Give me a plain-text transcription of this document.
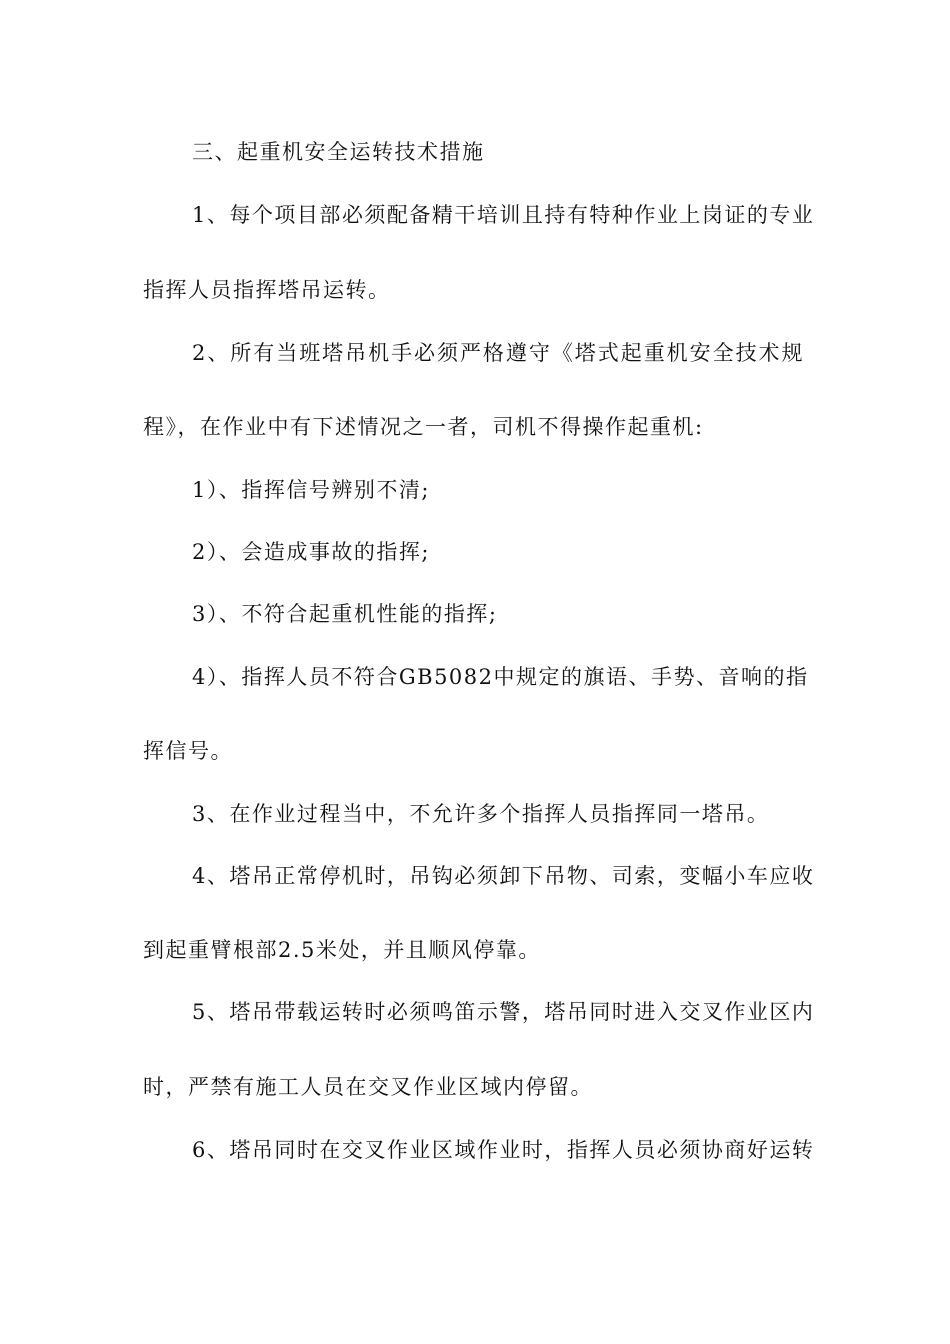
三、起重机安全运转技术措施
1、每个项目部必须配备精干培训且持有特种作业上岗证的专业
指挥人员指挥塔吊运转。
2、所有当班塔吊机手必须严格遵守《塔式起重机安全技术规
程》，在作业中有下述情况之一者，司机不得操作起重机:
1）、指挥信号辨别不清;
2）、会造成事故的指挥;
3）、不符合起重机性能的指挥;
4）、指挥人员不符合GB5082中规定的旗语、手势、音响的指
挥信号。
3、在作业过程当中，不允许多个指挥人员指挥同一塔吊。
4、塔吊正常停机时，吊钩必须卸下吊物、司索，变幅小车应收
到起重臂根部2.5米处，并且顺风停靠。
5、塔吊带载运转时必须鸣笛示警，塔吊同时进入交叉作业区内
时，严禁有施工人员在交叉作业区域内停留。
6、塔吊同时在交叉作业区域作业时，指挥人员必须协商好运转
